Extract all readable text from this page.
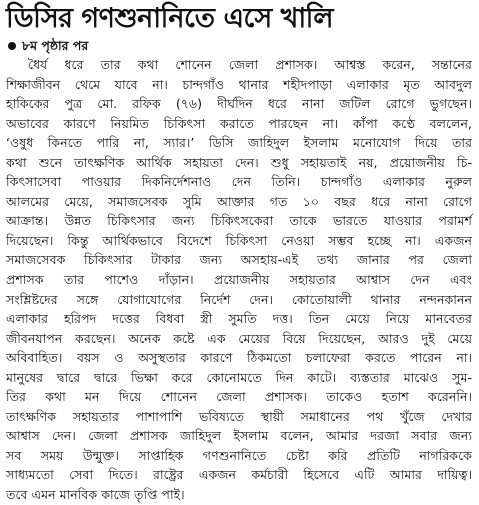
ডিসির গণশুনানিতে এসে খালি
৮ম পৃষ্ঠার পর
ধৈর্য ধরে তার কথা শোনেন জেলা প্রশাসক। আশ্বস্ত করেন, সন্তানের
শিক্ষাজীবন থেমে যাবে না। চান্দগাঁও থানার শহীদপাড়া এলাকার মৃত আবদুল
হাকিকের পুত্র মো. রফিক (৭৬) দীর্ঘদিন ধরে নানা জটিল রোগে ভুগছেন।
অভাবের কারণে নিয়মিত চিকিৎসা করাতে পারছেন না। কাঁপা কণ্ঠে বললেন,
‘ওষুধ কিনতে পারি না, স্যার।’ ডিসি জাহিদুল ইসলাম মনোযোগ দিয়ে তার
কথা শুনে তাৎক্ষণিক আর্থিক সহায়তা দেন। শুধু সহায়তাই নয়, প্রয়োজনীয় চি-
কিৎসাসেবা পাওয়ার দিকনির্দেশনাও দেন তিনি। চান্দগাঁও এলাকার নুরুল
আলমের মেয়ে, সমাজসেবক সুমি আক্তার গত ১০ বছর ধরে নানা রোগে
আক্রান্ত। উন্নত চিকিৎসার জন্য চিকিৎসকেরা তাকে ভারতে যাওয়ার পরামর্শ
দিয়েছেন। কিন্তু আর্থিকভাবে বিদেশে চিকিৎসা নেওয়া সম্ভব হচ্ছে না। একজন
সমাজসেবক চিকিৎসার টাকার জন্য অসহায়-এই তথ্য জানার পর জেলা
প্রশাসক তার পাশেও দাঁড়ান। প্রয়োজনীয় সহায়তার আশ্বাস দেন এবং
সংশ্লিষ্টদের সঙ্গে যোগাযোগের নির্দেশ দেন। কোতোয়ালী থানার নন্দনকানন
এলাকার হরিপদ দত্তের বিধবা স্ত্রী সুমতি দত্ত। তিন মেয়ে নিয়ে মানবেতর
জীবনযাপন করছেন। অনেক কষ্টে এক মেয়ের বিয়ে দিয়েছেন, আরও দুই মেয়ে
অবিবাহিত। বয়স ও অসুস্থতার কারণে ঠিকমতো চলাফেরা করতে পারেন না।
মানুষের দ্বারে দ্বারে ভিক্ষা করে কোনোমতে দিন কাটে। ব্যস্ততার মাঝেও সুম-
তির কথা মন দিয়ে শোনেন জেলা প্রশাসক। তাকেও হতাশ করেননি।
তাৎক্ষণিক সহায়তার পাশাপাশি ভবিষ্যতে স্থায়ী সমাধানের পথ খুঁজে দেখার
আশ্বাস দেন। জেলা প্রশাসক জাহিদুল ইসলাম বলেন, আমার দরজা সবার জন্য
সব সময় উন্মুক্ত। সাপ্তাহিক গণশুনানিতে চেষ্টা করি প্রতিটি নাগরিককে
সাধ্যমতো সেবা দিতে। রাষ্ট্রের একজন কর্মচারী হিসেবে এটি আমার দায়িত্ব।
তবে এমন মানবিক কাজে তৃপ্তি পাই।
